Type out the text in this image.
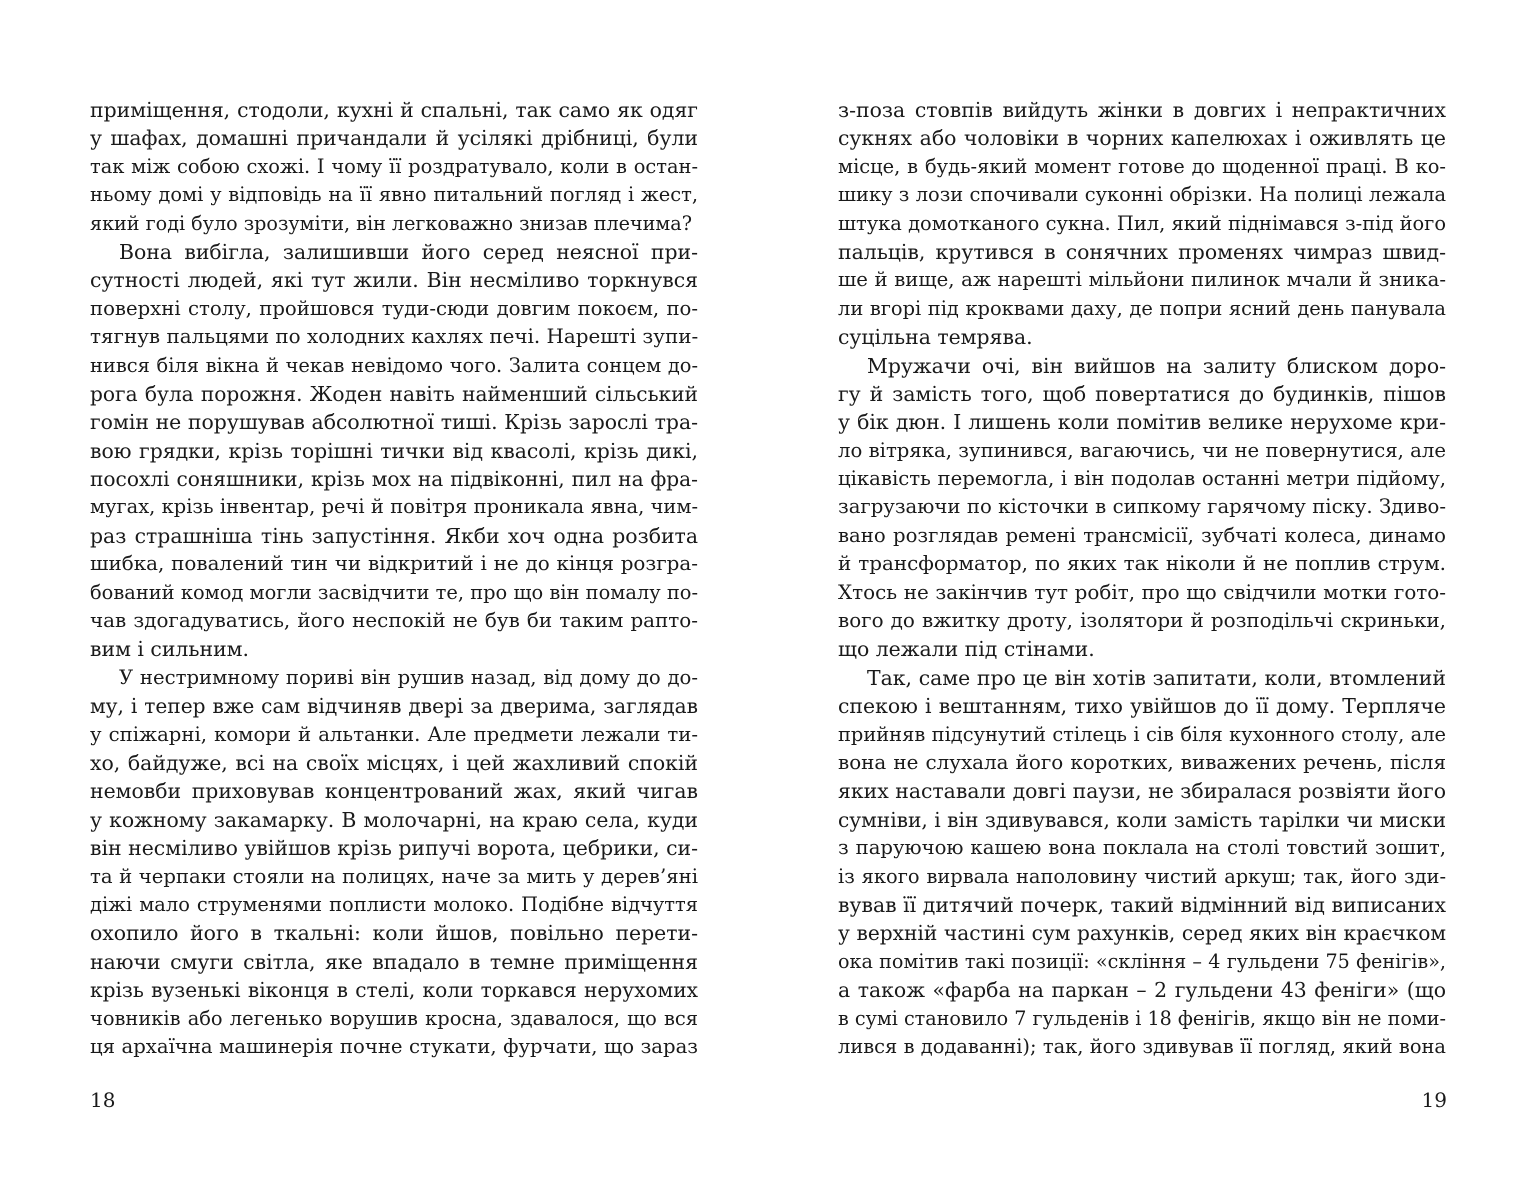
приміщення, стодоли, кухні й спальні, так само як одяг
у шафах, домашні причандали й усілякі дрібниці, були
так між собою схожі. І чому її роздратувало, коли в остан-
ньому домі у відповідь на її явно питальний погляд і жест,
який годі було зрозуміти, він легковажно знизав плечима?
Вона вибігла, залишивши його серед неясної при-
сутності людей, які тут жили. Він несміливо торкнувся
поверхні столу, пройшовся туди-сюди довгим покоєм, по-
тягнув пальцями по холодних кахлях печі. Нарешті зупи-
нився біля вікна й чекав невідомо чого. Залита сонцем до-
рога була порожня. Жоден навіть найменший сільський
гомін не порушував абсолютної тиші. Крізь зарослі тра-
вою грядки, крізь торішні тички від квасолі, крізь дикі,
посохлі соняшники, крізь мох на підвіконні, пил на фра-
мугах, крізь інвентар, речі й повітря проникала явна, чим-
раз страшніша тінь запустіння. Якби хоч одна розбита
шибка, повалений тин чи відкритий і не до кінця розгра-
бований комод могли засвідчити те, про що він помалу по-
чав здогадуватись, його неспокій не був би таким рапто-
вим і сильним.
У нестримному пориві він рушив назад, від дому до до-
му, і тепер вже сам відчиняв двері за дверима, заглядав
у спіжарні, комори й альтанки. Але предмети лежали ти-
хо, байдуже, всі на своїх місцях, і цей жахливий спокій
немовби приховував концентрований жах, який чигав
у кожному закамарку. В молочарні, на краю села, куди
він несміливо увійшов крізь рипучі ворота, цебрики, си-
та й черпаки стояли на полицях, наче за мить у дерев’яні
діжі мало струменями поплисти молоко. Подібне відчуття
охопило його в ткальні: коли йшов, повільно перети-
наючи смуги світла, яке впадало в темне приміщення
крізь вузенькі віконця в стелі, коли торкався нерухомих
човників або легенько ворушив кросна, здавалося, що вся
ця архаїчна машинерія почне стукати, фурчати, що зараз
18
з-поза стовпів вийдуть жінки в довгих і непрактичних
сукнях або чоловіки в чорних капелюхах і оживлять це
місце, в будь-який момент готове до щоденної праці. В ко-
шику з лози спочивали суконні обрізки. На полиці лежала
штука домотканого сукна. Пил, який піднімався з-під його
пальців, крутився в сонячних променях чимраз швид-
ше й вище, аж нарешті мільйони пилинок мчали й зника-
ли вгорі під кроквами даху, де попри ясний день панувала
суцільна темрява.
Мружачи очі, він вийшов на залиту блиском доро-
гу й замість того, щоб повертатися до будинків, пішов
у бік дюн. І лишень коли помітив велике нерухоме кри-
ло вітряка, зупинився, вагаючись, чи не повернутися, але
цікавість перемогла, і він подолав останні метри підйому,
загрузаючи по кісточки в сипкому гарячому піску. Здиво-
вано розглядав ремені трансмісії, зубчаті колеса, динамо
й трансформатор, по яких так ніколи й не поплив струм.
Хтось не закінчив тут робіт, про що свідчили мотки гото-
вого до вжитку дроту, ізолятори й розподільчі скриньки,
що лежали під стінами.
Так, саме про це він хотів запитати, коли, втомлений
спекою і вештанням, тихо увійшов до її дому. Терпляче
прийняв підсунутий стілець і сів біля кухонного столу, але
вона не слухала його коротких, виважених речень, після
яких наставали довгі паузи, не збиралася розвіяти його
сумніви, і він здивувався, коли замість тарілки чи миски
з паруючою кашею вона поклала на столі товстий зошит,
із якого вирвала наполовину чистий аркуш; так, його зди-
вував її дитячий почерк, такий відмінний від виписаних
у верхній частині сум рахунків, серед яких він краєчком
ока помітив такі позиції: «скління – 4 гульдени 75 фенігів»,
а також «фарба на паркан – 2 гульдени 43 феніги» (що
в сумі становило 7 гульденів і 18 фенігів, якщо він не поми-
лився в додаванні); так, його здивував її погляд, який вона
19
